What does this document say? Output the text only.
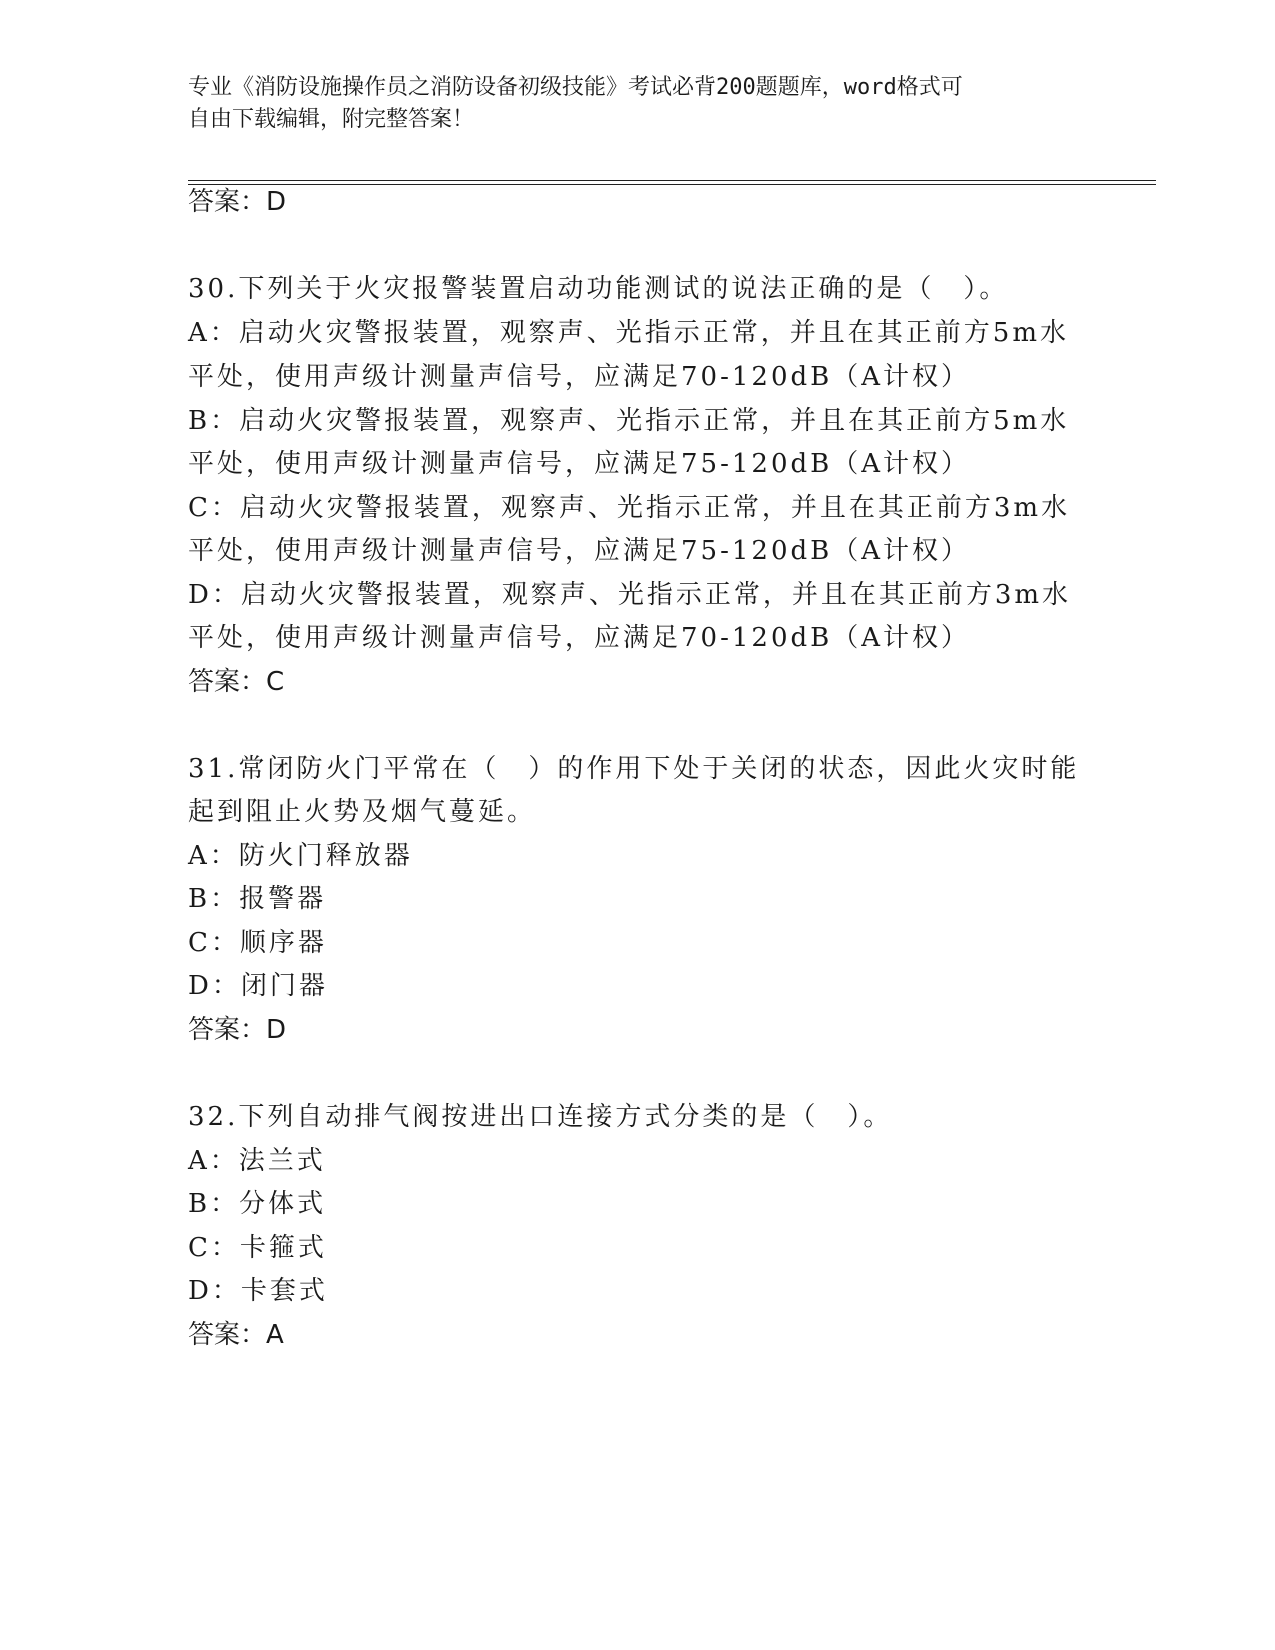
专业《消防设施操作员之消防设备初级技能》考试必背200题题库，word格式可
自由下载编辑，附完整答案！
答案：D
30.下列关于火灾报警装置启动功能测试的说法正确的是（　）。
A：启动火灾警报装置，观察声、光指示正常，并且在其正前方5m水
平处，使用声级计测量声信号，应满足70-120dB（A计权）
B：启动火灾警报装置，观察声、光指示正常，并且在其正前方5m水
平处，使用声级计测量声信号，应满足75-120dB（A计权）
C：启动火灾警报装置，观察声、光指示正常，并且在其正前方3m水
平处，使用声级计测量声信号，应满足75-120dB（A计权）
D：启动火灾警报装置，观察声、光指示正常，并且在其正前方3m水
平处，使用声级计测量声信号，应满足70-120dB（A计权）
答案：C
31.常闭防火门平常在（　）的作用下处于关闭的状态，因此火灾时能
起到阻止火势及烟气蔓延。
A：防火门释放器
B：报警器
C：顺序器
D：闭门器
答案：D
32.下列自动排气阀按进出口连接方式分类的是（　）。
A：法兰式
B：分体式
C：卡箍式
D：卡套式
答案：A
